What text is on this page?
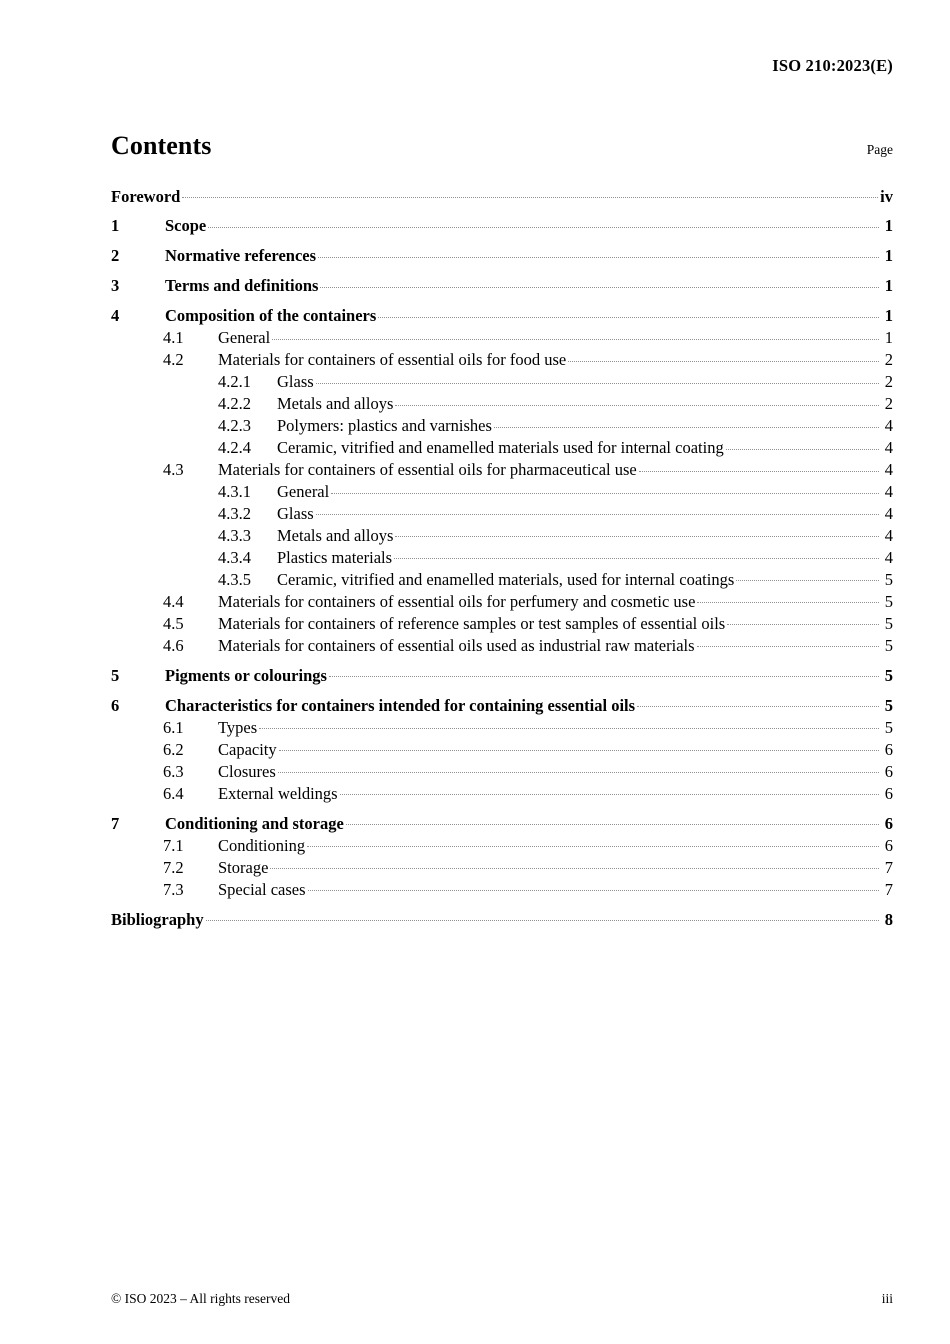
ISO 210:2023(E)
Contents	Page
Foreword	iv
1	Scope	1
2	Normative references	1
3	Terms and definitions	1
4	Composition of the containers	1
4.1	General	1
4.2	Materials for containers of essential oils for food use	2
4.2.1	Glass	2
4.2.2	Metals and alloys	2
4.2.3	Polymers: plastics and varnishes	4
4.2.4	Ceramic, vitrified and enamelled materials used for internal coating	4
4.3	Materials for containers of essential oils for pharmaceutical use	4
4.3.1	General	4
4.3.2	Glass	4
4.3.3	Metals and alloys	4
4.3.4	Plastics materials	4
4.3.5	Ceramic, vitrified and enamelled materials, used for internal coatings	5
4.4	Materials for containers of essential oils for perfumery and cosmetic use	5
4.5	Materials for containers of reference samples or test samples of essential oils	5
4.6	Materials for containers of essential oils used as industrial raw materials	5
5	Pigments or colourings	5
6	Characteristics for containers intended for containing essential oils	5
6.1	Types	5
6.2	Capacity	6
6.3	Closures	6
6.4	External weldings	6
7	Conditioning and storage	6
7.1	Conditioning	6
7.2	Storage	7
7.3	Special cases	7
Bibliography	8
© ISO 2023 – All rights reserved	iii
